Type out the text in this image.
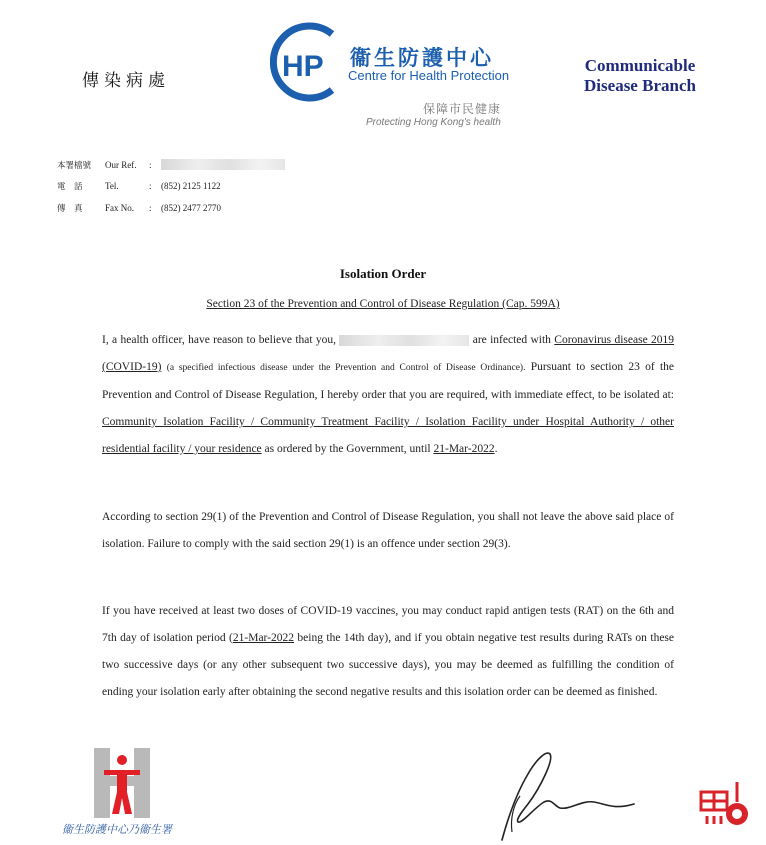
傳染病處	HP 衞生防護中心
Centre for Health Protection
保障市民健康
Protecting Hong Kong's health
Communicable Disease Branch
本署檔號	Our Ref.	:
電　話	Tel.	:	(852) 2125 1122
傳　真	Fax No.	:	(852) 2477 2770
Isolation Order
Section 23 of the Prevention and Control of Disease Regulation (Cap. 599A)
I, a health officer, have reason to believe that you,	are infected with Coronavirus disease 2019 (COVID-19) (a specified infectious disease under the Prevention and Control of Disease Ordinance). Pursuant to section 23 of the Prevention and Control of Disease Regulation, I hereby order that you are required, with immediate effect, to be isolated at: Community Isolation Facility / Community Treatment Facility / Isolation Facility under Hospital Authority / other residential facility / your residence as ordered by the Government, until 21-Mar-2022.
According to section 29(1) of the Prevention and Control of Disease Regulation, you shall not leave the above said place of isolation. Failure to comply with the said section 29(1) is an offence under section 29(3).
If you have received at least two doses of COVID-19 vaccines, you may conduct rapid antigen tests (RAT) on the 6th and 7th day of isolation period (21-Mar-2022 being the 14th day), and if you obtain negative test results during RATs on these two successive days (or any other subsequent two successive days), you may be deemed as fulfilling the condition of ending your isolation early after obtaining the second negative results and this isolation order can be deemed as finished.
衞生防護中心乃衞生署
